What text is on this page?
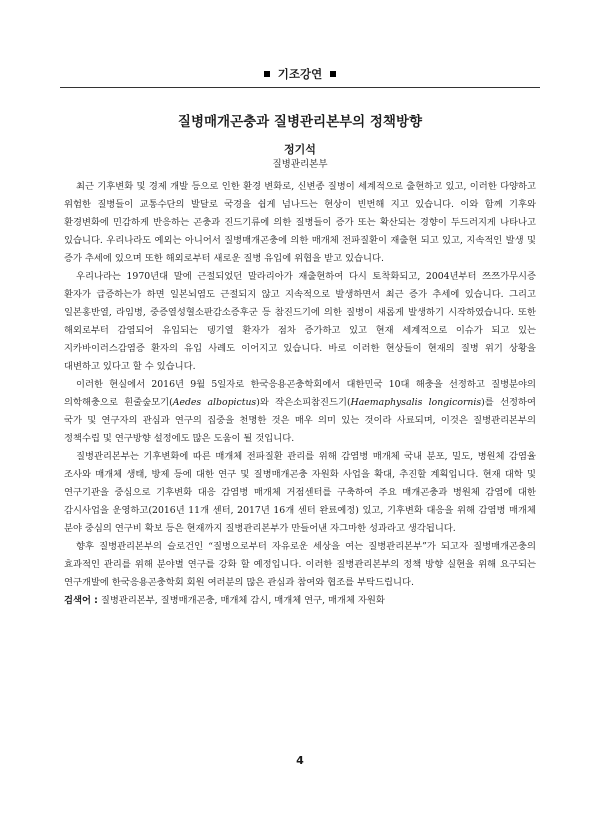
기조강연
질병매개곤충과 질병관리본부의 정책방향
정기석
질병관리본부

최근 기후변화 및 경제 개발 등으로 인한 환경 변화로, 신변종 질병이 세계적으로 출현하고 있고, 이러한 다양하고 위험한 질병들이 교통수단의 발달로 국경을 쉽게 넘나드는 현상이 빈번해 지고 있습니다. 이와 함께 기후와 환경변화에 민감하게 반응하는 곤충과 진드기류에 의한 질병들이 증가 또는 확산되는 경향이 두드러지게 나타나고 있습니다. 우리나라도 예외는 아니어서 질병매개곤충에 의한 매개체 전파질환이 재출현 되고 있고, 지속적인 발생 및 증가 추세에 있으며 또한 해외로부터 새로운 질병 유입에 위협을 받고 있습니다.

우리나라는 1970년대 말에 근절되었던 말라리아가 재출현하여 다시 토착화되고, 2004년부터 쯔쯔가무시증 환자가 급증하는가 하면 일본뇌염도 근절되지 않고 지속적으로 발생하면서 최근 증가 추세에 있습니다. 그리고 일본홍반열, 라임병, 중증열성혈소판감소증후군 등 참진드기에 의한 질병이 새롭게 발생하기 시작하였습니다. 또한 해외로부터 감염되어 유입되는 뎅기열 환자가 점차 증가하고 있고 현재 세계적으로 이슈가 되고 있는 지카바이러스감염증 환자의 유입 사례도 이어지고 있습니다. 바로 이러한 현상들이 현재의 질병 위기 상황을 대변하고 있다고 할 수 있습니다.

이러한 현실에서 2016년 9월 5일자로 한국응용곤충학회에서 대한민국 10대 해충을 선정하고 질병분야의 의학해충으로 흰줄숲모기(Aedes albopictus)와 작은소피참진드기(Haemaphysalis longicornis)를 선정하여 국가 및 연구자의 관심과 연구의 집중을 천명한 것은 매우 의미 있는 것이라 사료되며, 이것은 질병관리본부의 정책수립 및 연구방향 설정에도 많은 도움이 될 것입니다.

질병관리본부는 기후변화에 따른 매개체 전파질환 관리를 위해 감염병 매개체 국내 분포, 밀도, 병원체 감염율 조사와 매개체 생태, 방제 등에 대한 연구 및 질병매개곤충 자원화 사업을 확대, 추진할 계획입니다. 현재 대학 및 연구기관을 중심으로 기후변화 대응 감염병 매개체 거점센터를 구축하여 주요 매개곤충과 병원체 감염에 대한 감시사업을 운영하고(2016년 11개 센터, 2017년 16개 센터 완료예정) 있고, 기후변화 대응을 위해 감염병 매개체 분야 중심의 연구비 확보 등은 현재까지 질병관리본부가 만들어낸 자그마한 성과라고 생각됩니다.

향후 질병관리본부의 슬로건인 “질병으로부터 자유로운 세상을 여는 질병관리본부”가 되고자 질병매개곤충의 효과적인 관리를 위해 분야별 연구를 강화 할 예정입니다. 이러한 질병관리본부의 정책 방향 실현을 위해 요구되는 연구개발에 한국응용곤충학회 회원 여러분의 많은 관심과 참여와 협조를 부탁드립니다.

검색어 : 질병관리본부, 질병매개곤충, 매개체 감시, 매개체 연구, 매개체 자원화

4
